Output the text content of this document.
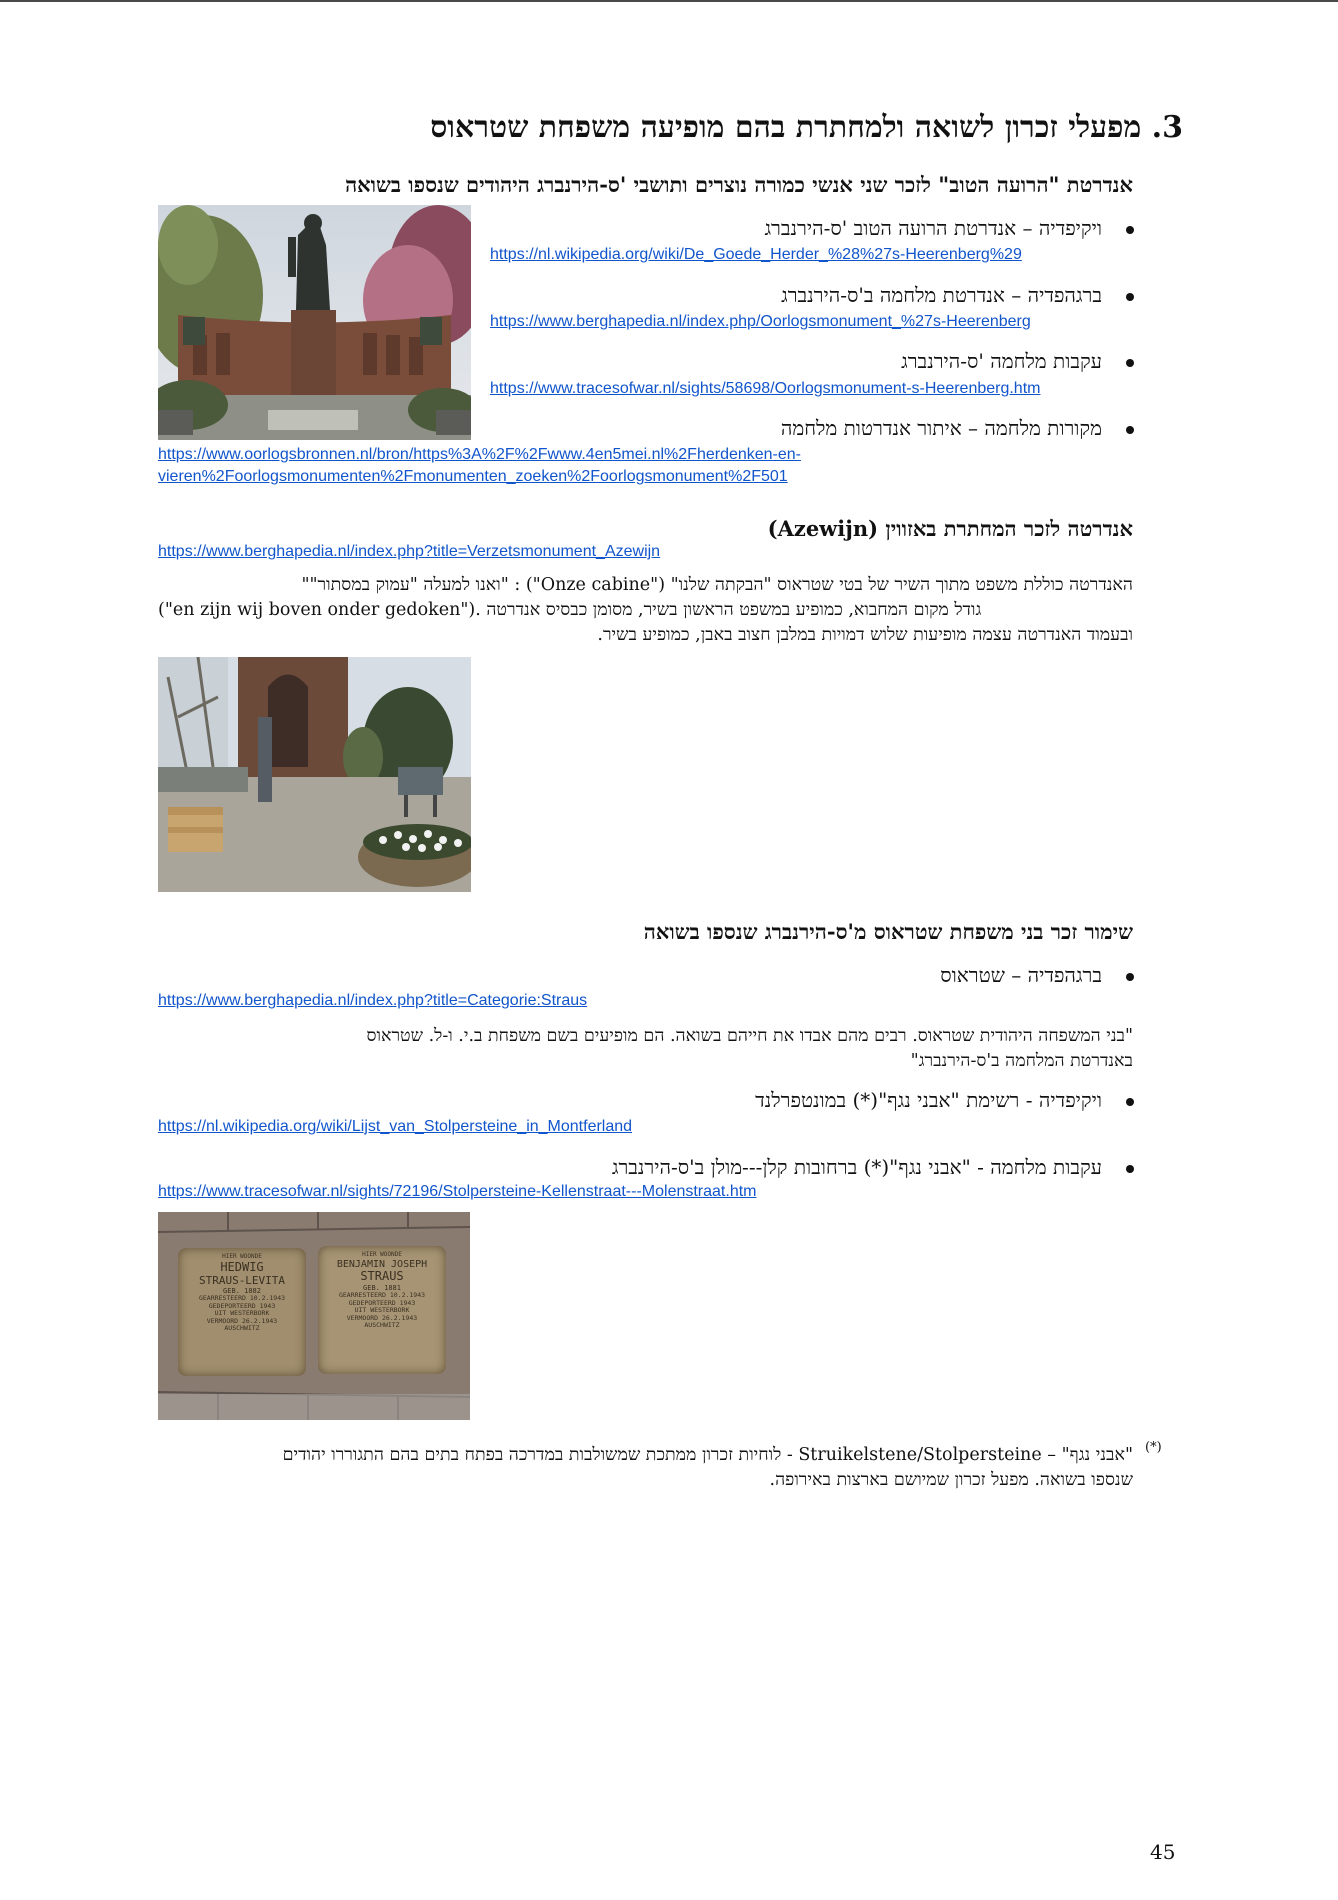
3. מפעלי זכרון לשואה ולמחתרת בהם מופיעה משפחת שטראוס
אנדרטת "הרועה הטוב" לזכר שני אנשי כמורה נוצרים ותושבי 'ס-הירנברג היהודים שנספו בשואה
ויקיפדיה – אנדרטת הרועה הטוב 'ס-הירנברג
https://nl.wikipedia.org/wiki/De_Goede_Herder_%28%27s-Heerenberg%29
ברגהפדיה – אנדרטת מלחמה ב'ס-הירנברג
https://www.berghapedia.nl/index.php/Oorlogsmonument_%27s-Heerenberg
עקבות מלחמה 'ס-הירנברג
https://www.tracesofwar.nl/sights/58698/Oorlogsmonument-s-Heerenberg.htm
מקורות מלחמה – איתור אנדרטות מלחמה
https://www.oorlogsbronnen.nl/bron/https%3A%2F%2Fwww.4en5mei.nl%2Fherdenken-en-
vieren%2Foorlogsmonumenten%2Fmonumenten_zoeken%2Foorlogsmonument%2F501
אנדרטה לזכר המחתרת באזווין (Azewijn)
https://www.berghapedia.nl/index.php?title=Verzetsmonument_Azewijn
האנדרטה כוללת משפט מתוך השיר של בטי שטראוס "הבקתה שלנו" ("Onze cabine") : "ואנו למעלה "עמוק במסתור""
("en zijn wij boven onder gedoken"). גודל מקום המחבוא, כמופיע במשפט הראשון בשיר, מסומן כבסיס אנדרטה
ובעמוד האנדרטה עצמה מופיעות שלוש דמויות במלבן חצוב באבן, כמופיע בשיר.
שימור זכר בני משפחת שטראוס מ'ס-הירנברג שנספו בשואה
ברגהפדיה – שטראוס
https://www.berghapedia.nl/index.php?title=Categorie:Straus
"בני המשפחה היהודית שטראוס. רבים מהם אבדו את חייהם בשואה. הם מופיעים בשם משפחת ב.י. ו-ל. שטראוס
באנדרטת המלחמה ב'ס-הירנברג"
ויקיפדיה - רשימת "אבני נגף"(*) במונטפרלנד
https://nl.wikipedia.org/wiki/Lijst_van_Stolpersteine_in_Montferland
עקבות מלחמה - "אבני נגף"(*) ברחובות קלן---מולן ב'ס-הירנברג
https://www.tracesofwar.nl/sights/72196/Stolpersteine-Kellenstraat---Molenstraat.htm
HIER WOONDE
HEDWIG
STRAUS-LEVITA
GEB. 1882
GEARRESTEERD 10.2.1943
GEDEPORTEERD 1943
UIT WESTERBORK
VERMOORD 26.2.1943
AUSCHWITZ
HIER WOONDE
BENJAMIN JOSEPH
STRAUS
GEB. 1881
GEARRESTEERD 10.2.1943
GEDEPORTEERD 1943
UIT WESTERBORK
VERMOORD 26.2.1943
AUSCHWITZ
(*)
"אבני נגף" – Struikelstene/Stolpersteine - לוחיות זכרון ממתכת שמשולבות במדרכה בפתח בתים בהם התגוררו יהודים
שנספו בשואה. מפעל זכרון שמיושם בארצות באירופה.
45
